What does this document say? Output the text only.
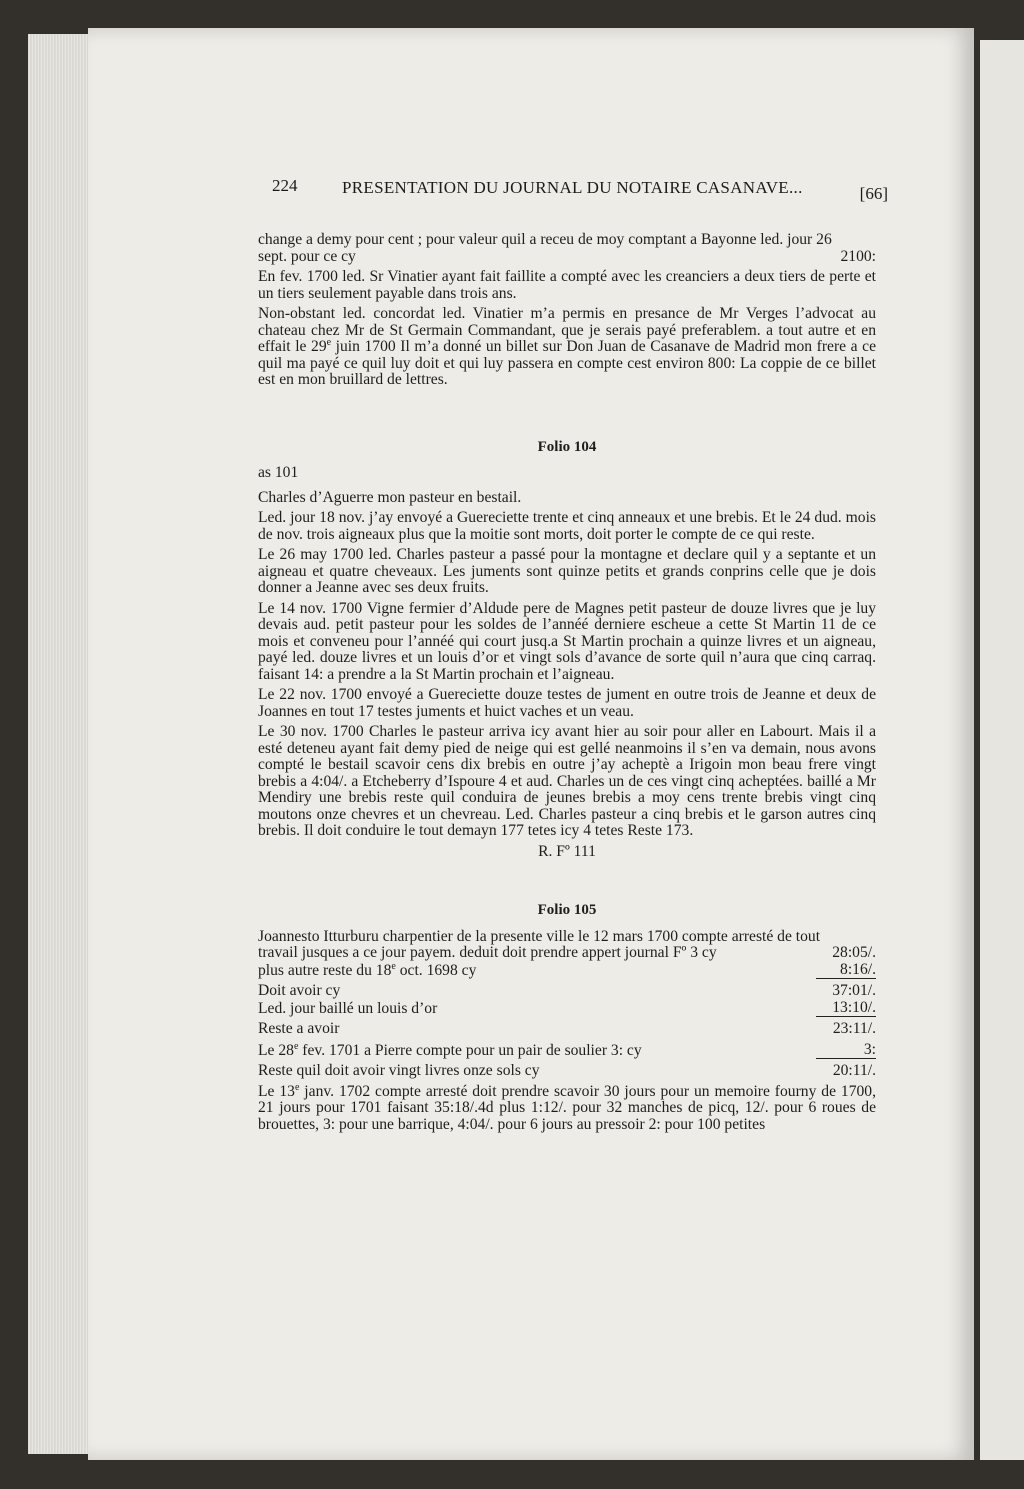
224	PRESENTATION DU JOURNAL DU NOTAIRE CASANAVE...	[66]
change a demy pour cent ; pour valeur quil a receu de moy comptant a Bayonne led. jour 26
sept. pour ce cy	2100:
En fev. 1700 led. Sr Vinatier ayant fait faillite a compté avec les creanciers a deux tiers de perte et un tiers seulement payable dans trois ans.
Non-obstant led. concordat led. Vinatier m’a permis en presance de Mr Verges l’advocat au chateau chez Mr de St Germain Commandant, que je serais payé preferablem. a tout autre et en effait le 29e juin 1700 Il m’a donné un billet sur Don Juan de Casanave de Madrid mon frere a ce quil ma payé ce quil luy doit et qui luy passera en compte cest environ 800: La coppie de ce billet est en mon bruillard de lettres.
Folio 104
as 101
Charles d’Aguerre mon pasteur en bestail.
Led. jour 18 nov. j’ay envoyé a Guereciette trente et cinq anneaux et une brebis. Et le 24 dud. mois de nov. trois aigneaux plus que la moitie sont morts, doit porter le compte de ce qui reste.
Le 26 may 1700 led. Charles pasteur a passé pour la montagne et declare quil y a septante et un aigneau et quatre cheveaux. Les juments sont quinze petits et grands conprins celle que je dois donner a Jeanne avec ses deux fruits.
Le 14 nov. 1700 Vigne fermier d’Aldude pere de Magnes petit pasteur de douze livres que je luy devais aud. petit pasteur pour les soldes de l’annéé derniere escheue a cette St Martin 11 de ce mois et conveneu pour l’annéé qui court jusq.a St Martin prochain a quinze livres et un aigneau, payé led. douze livres et un louis d’or et vingt sols d’avance de sorte quil n’aura que cinq carraq. faisant 14: a prendre a la St Martin prochain et l’aigneau.
Le 22 nov. 1700 envoyé a Guereciette douze testes de jument en outre trois de Jeanne et deux de Joannes en tout 17 testes juments et huict vaches et un veau.
Le 30 nov. 1700 Charles le pasteur arriva icy avant hier au soir pour aller en Labourt. Mais il a esté deteneu ayant fait demy pied de neige qui est gellé neanmoins il s’en va demain, nous avons compté le bestail scavoir cens dix brebis en outre j’ay acheptè a Irigoin mon beau frere vingt brebis a 4:04/. a Etcheberry d’Ispoure 4 et aud. Charles un de ces vingt cinq acheptées. baillé a Mr Mendiry une brebis reste quil conduira de jeunes brebis a moy cens trente brebis vingt cinq moutons onze chevres et un chevreau. Led. Charles pasteur a cinq brebis et le garson autres cinq brebis. Il doit conduire le tout demayn 177 tetes icy 4 tetes Reste 173.
R. Fº 111
Folio 105
Joannesto Itturburu charpentier de la presente ville le 12 mars 1700 compte arresté de tout
travail jusques a ce jour payem. deduit doit prendre appert journal Fº 3 cy	28:05/.
plus autre reste du 18e oct. 1698 cy	8:16/.
Doit avoir cy	37:01/.
Led. jour baillé un louis d’or	13:10/.
Reste a avoir	23:11/.
Le 28e fev. 1701 a Pierre compte pour un pair de soulier 3: cy	3:
Reste quil doit avoir vingt livres onze sols cy	20:11/.
Le 13e janv. 1702 compte arresté doit prendre scavoir 30 jours pour un memoire fourny de 1700, 21 jours pour 1701 faisant 35:18/.4d plus 1:12/. pour 32 manches de picq, 12/. pour 6 roues de brouettes, 3: pour une barrique, 4:04/. pour 6 jours au pressoir 2: pour 100 petites
